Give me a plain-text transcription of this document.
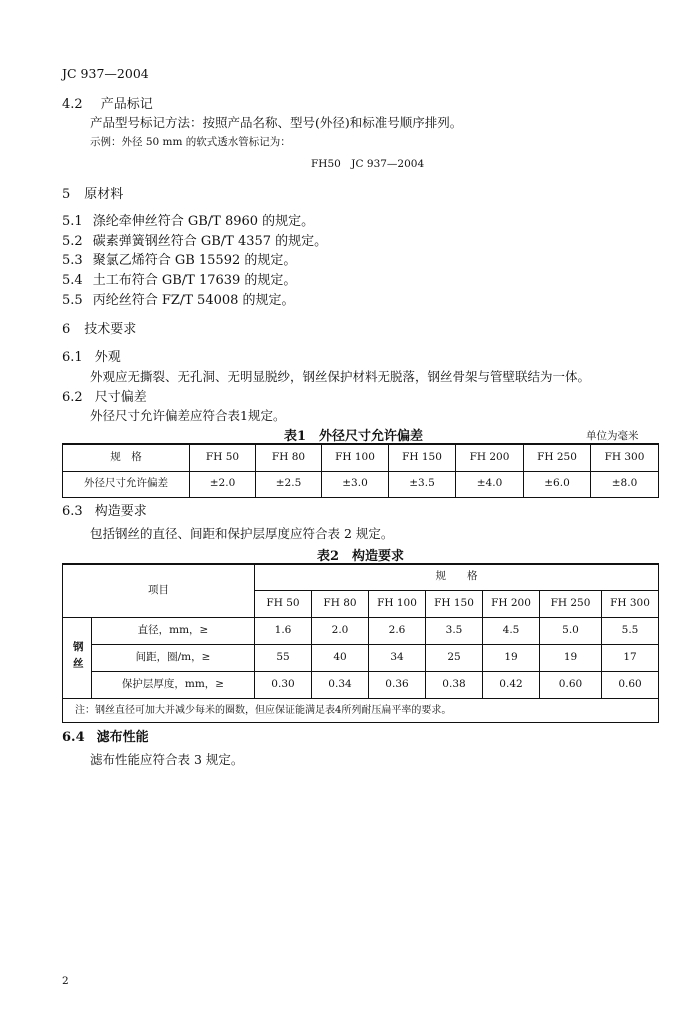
JC 937—2004
4.2 产品标记
产品型号标记方法：按照产品名称、型号(外径)和标准号顺序排列。
示例：外径 50 mm 的软式透水管标记为：
FH50　JC 937—2004
5 原材料
5.1 涤纶牵伸丝符合 GB/T 8960 的规定。
5.2 碳素弹簧钢丝符合 GB/T 4357 的规定。
5.3 聚氯乙烯符合 GB 15592 的规定。
5.4 土工布符合 GB/T 17639 的规定。
5.5 丙纶丝符合 FZ/T 54008 的规定。
6 技术要求
6.1 外观
外观应无撕裂、无孔洞、无明显脱纱，钢丝保护材料无脱落，钢丝骨架与管壁联结为一体。
6.2 尺寸偏差
外径尺寸允许偏差应符合表1规定。
表1　外径尺寸允许偏差	单位为毫米
规　格	FH 50	FH 80	FH 100	FH 150	FH 200	FH 250	FH 300
外径尺寸允许偏差	±2.0	±2.5	±3.0	±3.5	±4.0	±6.0	±8.0
6.3 构造要求
包括钢丝的直径、间距和保护层厚度应符合表 2 规定。
表2　构造要求
项目		规　　格						
		FH 50	FH 80	FH 100	FH 150	FH 200	FH 250	FH 300

钢丝	直径，mm，≥	1.6	2.0	2.6	3.5	4.5	5.0	5.5
	间距，圈/m，≥	55	40	34	25	19	19	17
	保护层厚度，mm，≥	0.30	0.34	0.36	0.38	0.42	0.60	0.60
注：钢丝直径可加大并减少每米的圈数，但应保证能满足表4所列耐压扁平率的要求。								
6.4 滤布性能
滤布性能应符合表 3 规定。
2
